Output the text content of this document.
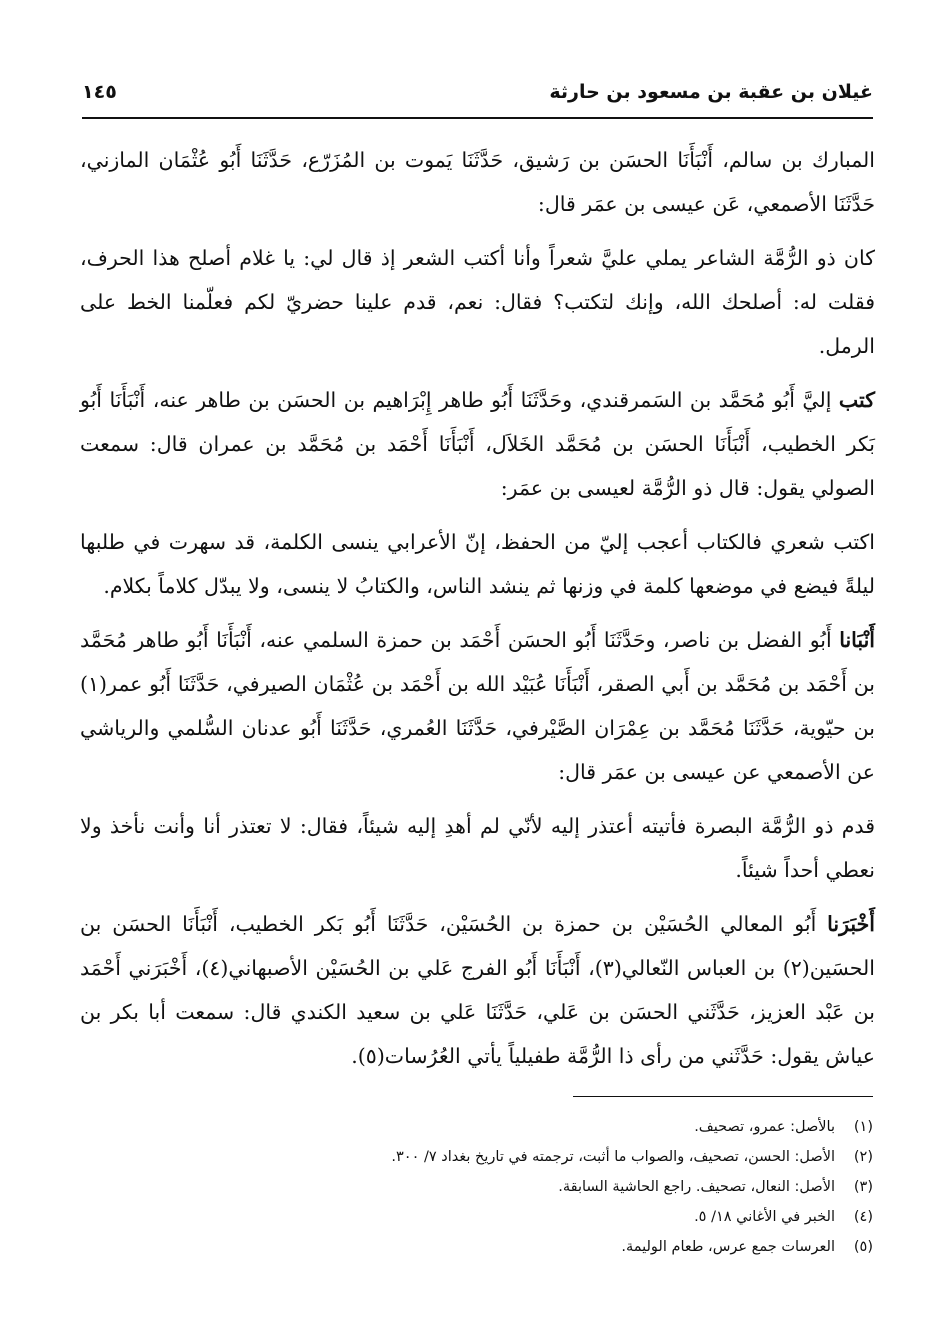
غيلان بن عقبة بن مسعود بن حارثة
١٤٥

المبارك بن سالم، أَنْبَأَنَا الحسَن بن رَشيق، حَدَّثَنَا يَموت بن المُزَرّع، حَدَّثَنَا أَبُو عُثْمَان المازني، حَدَّثَنَا الأصمعي، عَن عيسى بن عمَر قال:

كان ذو الرُّمَّة الشاعر يملي عليَّ شعراً وأنا أكتب الشعر إذ قال لي: يا غلام أصلح هذا الحرف، فقلت له: أصلحك الله، وإنك لتكتب؟ فقال: نعم، قدم علينا حضريّ لكم فعلّمنا الخط على الرمل.

كتب إليَّ أَبُو مُحَمَّد بن السَمرقندي، وحَدَّثَنَا أَبُو طاهر إِبْرَاهيم بن الحسَن بن طاهر عنه، أَنْبَأَنَا أَبُو بَكر الخطيب، أَنْبَأَنَا الحسَن بن مُحَمَّد الخَلاَل، أَنْبَأَنَا أَحْمَد بن مُحَمَّد بن عمران قال: سمعت الصولي يقول: قال ذو الرُّمَّة لعيسى بن عمَر:

اكتب شعري فالكتاب أعجب إليّ من الحفظ، إنّ الأعرابي ينسى الكلمة، قد سهرت في طلبها ليلةً فيضع في موضعها كلمة في وزنها ثم ينشد الناس، والكتابُ لا ينسى، ولا يبدّل كلاماً بكلام.

أَنْبَانا أَبُو الفضل بن ناصر، وحَدَّثَنَا أَبُو الحسَن أَحْمَد بن حمزة السلمي عنه، أَنْبَأَنَا أَبُو طاهر مُحَمَّد بن أَحْمَد بن مُحَمَّد بن أَبي الصقر، أَنْبَأَنَا عُبَيْد الله بن أَحْمَد بن عُثْمَان الصيرفي، حَدَّثَنَا أَبُو عمر(١) بن حيّوية، حَدَّثَنَا مُحَمَّد بن عِمْرَان الصَّيْرفي، حَدَّثَنَا العُمري، حَدَّثَنَا أَبُو عدنان السُّلمي والرياشي عن الأصمعي عن عيسى بن عمَر قال:

قدم ذو الرُّمَّة البصرة فأتيته أعتذر إليه لأنّي لم أهدِ إليه شيئاً، فقال: لا تعتذر أنا وأنت نأخذ ولا نعطي أحداً شيئاً.

أَخْبَرَنا أَبُو المعالي الحُسَيْن بن حمزة بن الحُسَيْن، حَدَّثَنَا أَبُو بَكر الخطيب، أَنْبَأَنَا الحسَن بن الحسَين(٢) بن العباس النّعالي(٣)، أَنْبَأَنَا أَبُو الفرج عَلي بن الحُسَيْن الأصبهاني(٤)، أَخْبَرَني أَحْمَد بن عَبْد العزيز، حَدَّثَني الحسَن بن عَلي، حَدَّثَنَا عَلي بن سعيد الكندي قال: سمعت أبا بكر بن عياش يقول: حَدَّثَني من رأى ذا الرُّمَّة طفيلياً يأتي العُرُسات(٥).

(١)
بالأصل: عمرو، تصحيف.
(٢)
الأصل: الحسن، تصحيف، والصواب ما أثبت، ترجمته في تاريخ بغداد ٧/ ٣٠٠.
(٣)
الأصل: النعال، تصحيف. راجع الحاشية السابقة.
(٤)
الخبر في الأغاني ١٨/ ٥.
(٥)
العرسات جمع عرس، طعام الوليمة.
